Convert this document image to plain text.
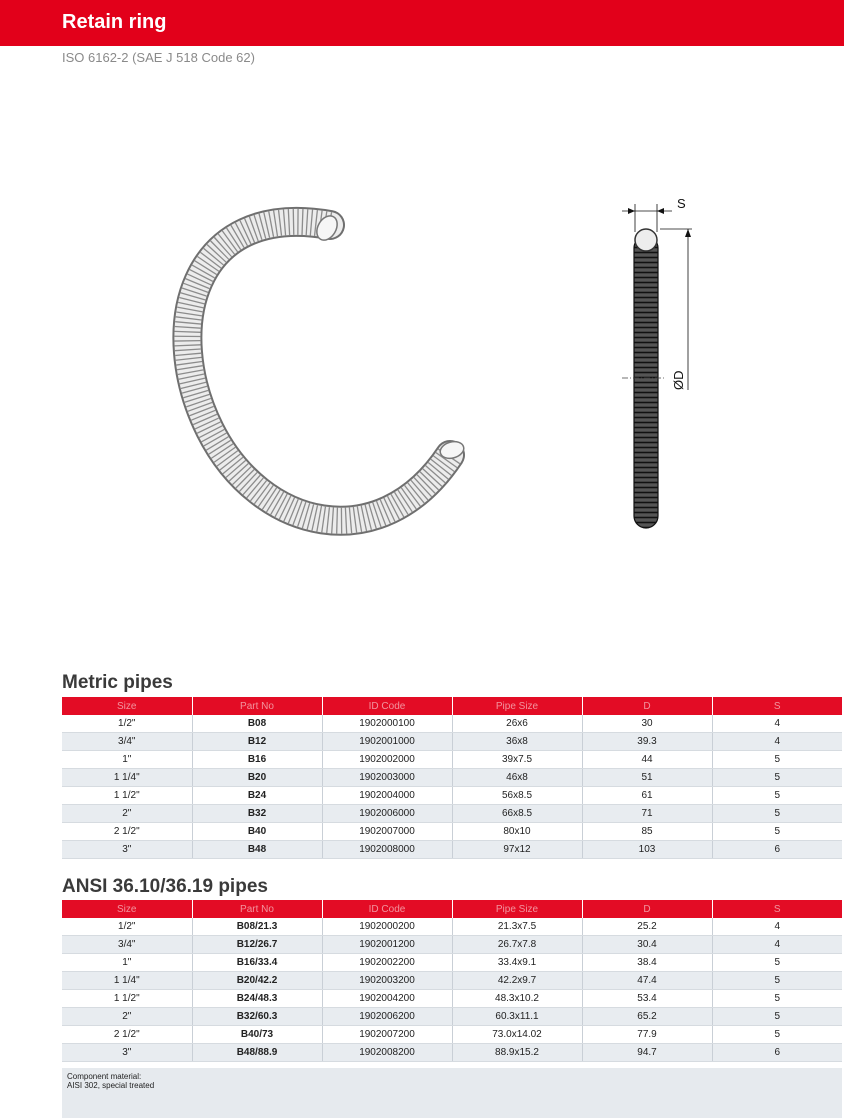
Retain ring
ISO 6162-2 (SAE J 518 Code 62)
S
ØD
Metric pipes
Size	Part No	ID Code	Pipe Size	D	S
1/2"	B08	1902000100	26x6	30	4
3/4"	B12	1902001000	36x8	39.3	4
1"	B16	1902002000	39x7.5	44	5
1 1/4"	B20	1902003000	46x8	51	5
1 1/2"	B24	1902004000	56x8.5	61	5
2"	B32	1902006000	66x8.5	71	5
2 1/2"	B40	1902007000	80x10	85	5
3"	B48	1902008000	97x12	103	6
ANSI 36.10/36.19 pipes
Size	Part No	ID Code	Pipe Size	D	S
1/2"	B08/21.3	1902000200	21.3x7.5	25.2	4
3/4"	B12/26.7	1902001200	26.7x7.8	30.4	4
1"	B16/33.4	1902002200	33.4x9.1	38.4	5
1 1/4"	B20/42.2	1902003200	42.2x9.7	47.4	5
1 1/2"	B24/48.3	1902004200	48.3x10.2	53.4	5
2"	B32/60.3	1902006200	60.3x11.1	65.2	5
2 1/2"	B40/73	1902007200	73.0x14.02	77.9	5
3"	B48/88.9	1902008200	88.9x15.2	94.7	6
Component material:
AISI 302, special treated
